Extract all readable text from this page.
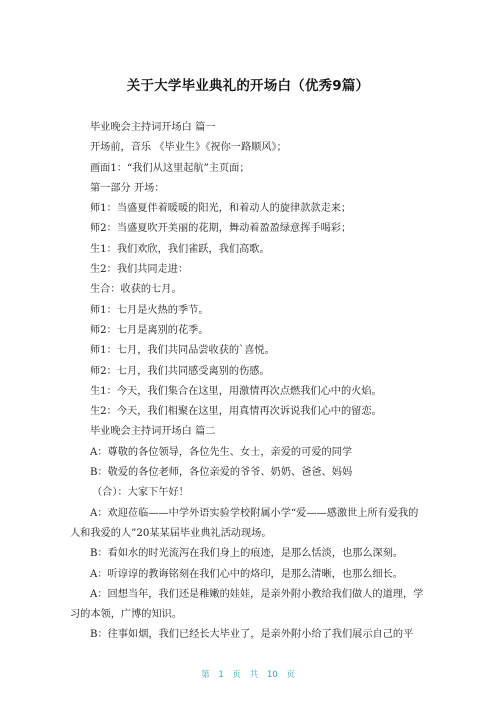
关于大学毕业典礼的开场白（优秀9篇）
毕业晚会主持词开场白 篇一
开场前，音乐 《毕业生》《祝你一路顺风》；
画面1：“我们从这里起航”主页面；
第一部分 开场：
师1：当盛夏伴着暖暖的阳光，和着动人的旋律款款走来；
师2：当盛夏吹开美丽的花期，舞动着盈盈绿意挥手喝彩；
生1：我们欢欣，我们雀跃，我们高歌。
生2：我们共同走进：
生合：收获的七月。
师1：七月是火热的季节。
师2：七月是离别的花季。
师1：七月，我们共同品尝收获的`喜悦。
师2：七月，我们共同感受离别的伤感。
生1：今天，我们集合在这里，用激情再次点燃我们心中的火焰。
生2：今天，我们相聚在这里，用真情再次诉说我们心中的留恋。
毕业晚会主持词开场白 篇二
A：尊敬的各位领导，各位先生、女士，亲爱的可爱的同学
B：敬爱的各位老师，各位亲爱的爷爷、奶奶、爸爸、妈妈
（合）：大家下午好！
A：欢迎莅临——中学外语实验学校附属小学“爱——感激世上所有爱我的
人和我爱的人”20某某届毕业典礼活动现场。
B：看如水的时光流泻在我们身上的痕迹，是那么恬淡，也那么深刻。
A：听谆谆的教诲铭刻在我们心中的烙印，是那么清晰，也那么细长。
A：回想当年，我们还是稚嫩的娃娃，是亲外附小教给我们做人的道理，学
习的本领，广博的知识。
B：往事如烟，我们已经长大毕业了，是亲外附小给了我们展示自己的平
第 1 页 共 10 页
